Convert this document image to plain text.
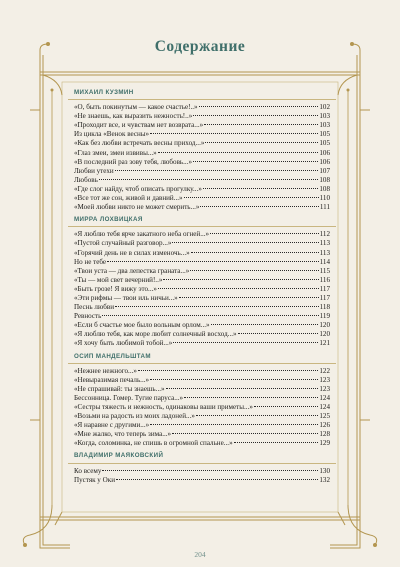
Содержание
МИХАИЛ КУЗМИН
«О, быть покинутым — какое счастье!..»	102
«Не знаешь, как выразить нежность!..»	103
«Проходит все, и чувствам нет возврата...»	103
Из цикла «Венок весны»	105
«Как без любви встречать весны приход...»	105
«Глаз змеи, змеи извивы...»	106
«В последний раз зову тебя, любовь...»	106
Любви утехи	107
Любовь	108
«Где слог найду, чтоб описать прогулку...»	108
«Все тот же сон, живой и давний...»	110
«Моей любви никто не может смерить...»	111
МИРРА ЛОХВИЦКАЯ
«Я люблю тебя ярче закатного неба огней...»	112
«Пустой случайный разговор...»	113
«Горячий день не в силах изменочь...»	113
Но не тебе	114
«Твои уста — два лепестка граната...»	115
«Ты — мой свет вечерний!..»	116
«Быть грозе! Я вижу это...»	117
«Эти рифмы — твои иль ничьи...»	117
Песнь любви	118
Ревность	119
«Если б счастье мое было вольным орлом...»	120
«Я люблю тебя, как море любит солнечный восход...»	120
«Я хочу быть любимой тобой...»	121
ОСИП МАНДЕЛЬШТАМ
«Нежнее нежного...»	122
«Невыразимая печаль...»	123
«Не спрашивай: ты знаешь...»	123
Бессонница. Гомер. Тугие паруса...»	124
«Сестры тяжесть и нежность, одинаковы ваши приметы...»	124
«Возьми на радость из моих ладоней...»	125
«Я наравне с другими...»	126
«Мне жалко, что теперь зима...»	128
«Когда, соломинка, не спишь в огромной спальне...»	129
ВЛАДИМИР МАЯКОВСКИЙ
Ко всему	130
Пустяк у Оки	132
204
